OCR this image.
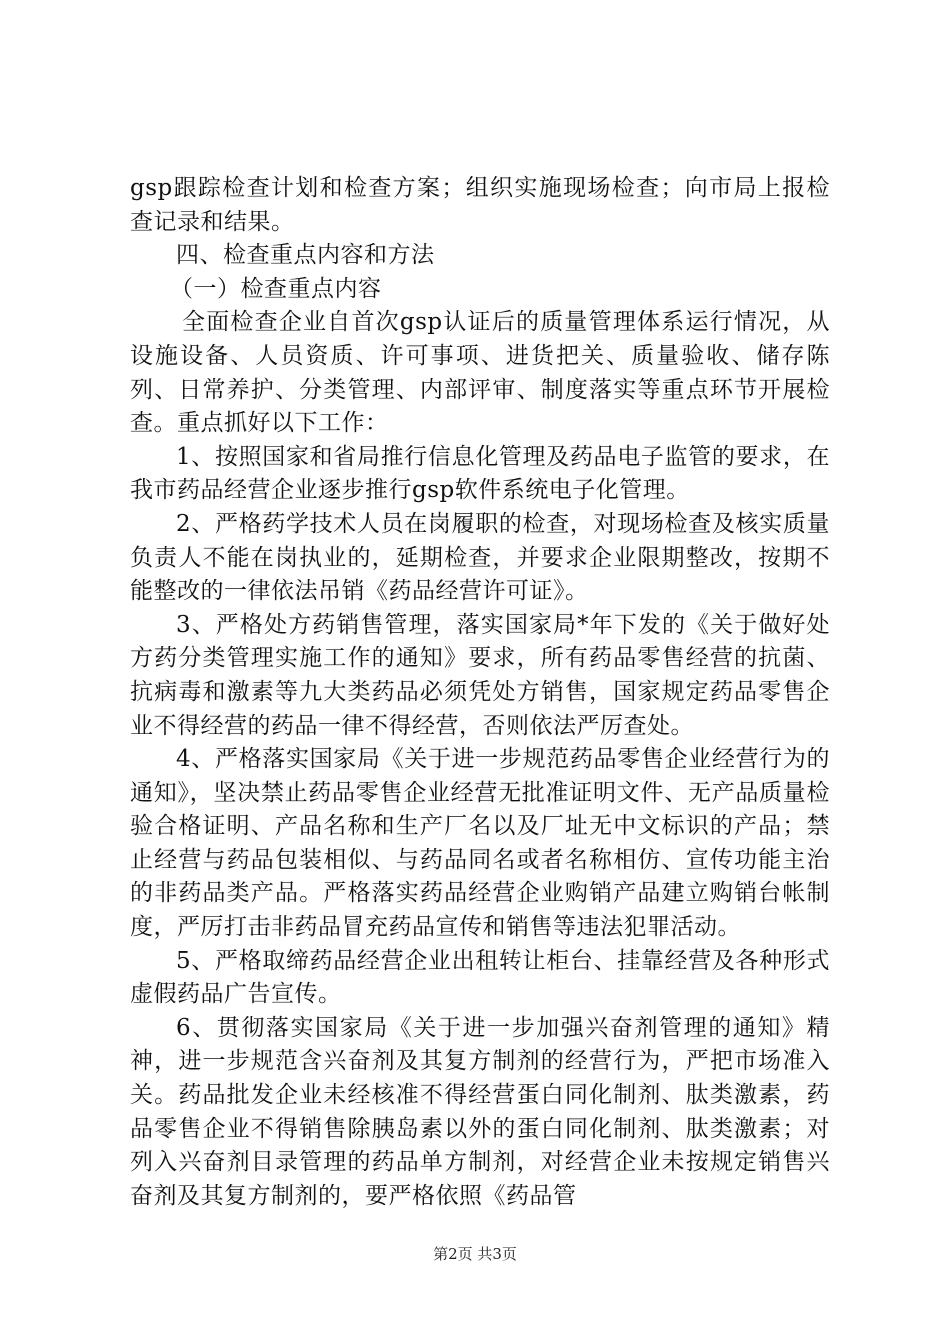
gsp跟踪检查计划和检查方案；组织实施现场检查；向市局上报检查记录和结果。

四、检查重点内容和方法

（一）检查重点内容

全面检查企业自首次gsp认证后的质量管理体系运行情况，从设施设备、人员资质、许可事项、进货把关、质量验收、储存陈列、日常养护、分类管理、内部评审、制度落实等重点环节开展检查。重点抓好以下工作：

1、按照国家和省局推行信息化管理及药品电子监管的要求，在我市药品经营企业逐步推行gsp软件系统电子化管理。

2、严格药学技术人员在岗履职的检查，对现场检查及核实质量负责人不能在岗执业的，延期检查，并要求企业限期整改，按期不能整改的一律依法吊销《药品经营许可证》。

3、严格处方药销售管理，落实国家局*年下发的《关于做好处方药分类管理实施工作的通知》要求，所有药品零售经营的抗菌、抗病毒和激素等九大类药品必须凭处方销售，国家规定药品零售企业不得经营的药品一律不得经营，否则依法严厉查处。

4、严格落实国家局《关于进一步规范药品零售企业经营行为的通知》，坚决禁止药品零售企业经营无批准证明文件、无产品质量检验合格证明、产品名称和生产厂名以及厂址无中文标识的产品；禁止经营与药品包装相似、与药品同名或者名称相仿、宣传功能主治的非药品类产品。严格落实药品经营企业购销产品建立购销台帐制度，严厉打击非药品冒充药品宣传和销售等违法犯罪活动。

5、严格取缔药品经营企业出租转让柜台、挂靠经营及各种形式虚假药品广告宣传。

6、贯彻落实国家局《关于进一步加强兴奋剂管理的通知》精神，进一步规范含兴奋剂及其复方制剂的经营行为，严把市场准入关。药品批发企业未经核准不得经营蛋白同化制剂、肽类激素，药品零售企业不得销售除胰岛素以外的蛋白同化制剂、肽类激素；对列入兴奋剂目录管理的药品单方制剂，对经营企业未按规定销售兴奋剂及其复方制剂的，要严格依照《药品管

第2页 共3页
